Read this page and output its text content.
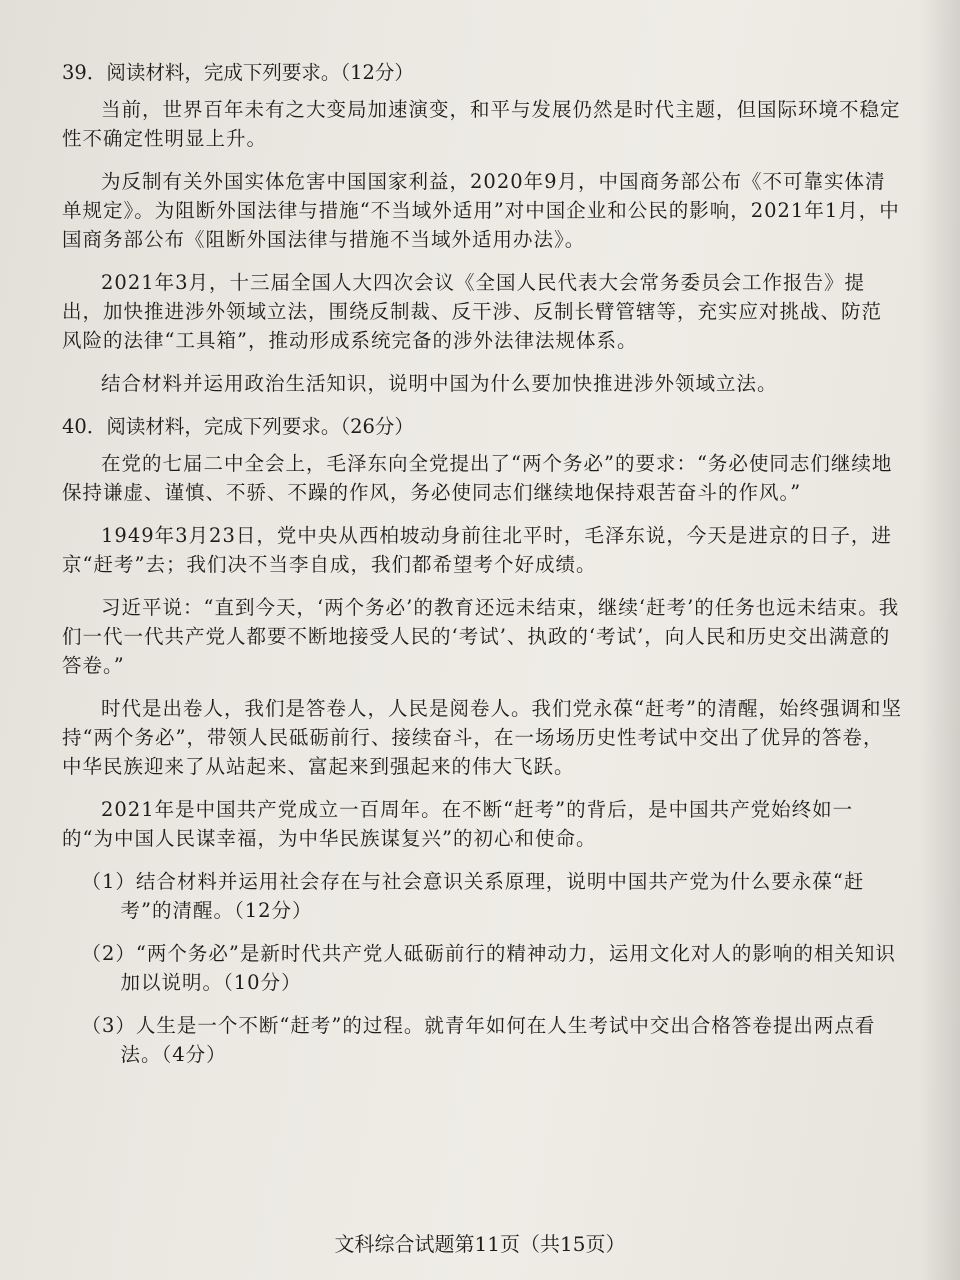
39．阅读材料，完成下列要求。（12分）

当前，世界百年未有之大变局加速演变，和平与发展仍然是时代主题，但国际环境不稳定性不确定性明显上升。

为反制有关外国实体危害中国国家利益，2020年9月，中国商务部公布《不可靠实体清单规定》。为阻断外国法律与措施“不当域外适用”对中国企业和公民的影响，2021年1月，中国商务部公布《阻断外国法律与措施不当域外适用办法》。

2021年3月，十三届全国人大四次会议《全国人民代表大会常务委员会工作报告》提出，加快推进涉外领域立法，围绕反制裁、反干涉、反制长臂管辖等，充实应对挑战、防范风险的法律“工具箱”，推动形成系统完备的涉外法律法规体系。

结合材料并运用政治生活知识，说明中国为什么要加快推进涉外领域立法。

40．阅读材料，完成下列要求。（26分）

在党的七届二中全会上，毛泽东向全党提出了“两个务必”的要求：“务必使同志们继续地保持谦虚、谨慎、不骄、不躁的作风，务必使同志们继续地保持艰苦奋斗的作风。”

1949年3月23日，党中央从西柏坡动身前往北平时，毛泽东说，今天是进京的日子，进京“赶考”去；我们决不当李自成，我们都希望考个好成绩。

习近平说：“直到今天，‘两个务必’的教育还远未结束，继续‘赶考’的任务也远未结束。我们一代一代共产党人都要不断地接受人民的‘考试’、执政的‘考试’，向人民和历史交出满意的答卷。”

时代是出卷人，我们是答卷人，人民是阅卷人。我们党永葆“赶考”的清醒，始终强调和坚持“两个务必”，带领人民砥砺前行、接续奋斗，在一场场历史性考试中交出了优异的答卷，中华民族迎来了从站起来、富起来到强起来的伟大飞跃。

2021年是中国共产党成立一百周年。在不断“赶考”的背后，是中国共产党始终如一的“为中国人民谋幸福，为中华民族谋复兴”的初心和使命。

（1）结合材料并运用社会存在与社会意识关系原理，说明中国共产党为什么要永葆“赶考”的清醒。（12分）

（2）“两个务必”是新时代共产党人砥砺前行的精神动力，运用文化对人的影响的相关知识加以说明。（10分）

（3）人生是一个不断“赶考”的过程。就青年如何在人生考试中交出合格答卷提出两点看法。（4分）

文科综合试题第11页（共15页）
